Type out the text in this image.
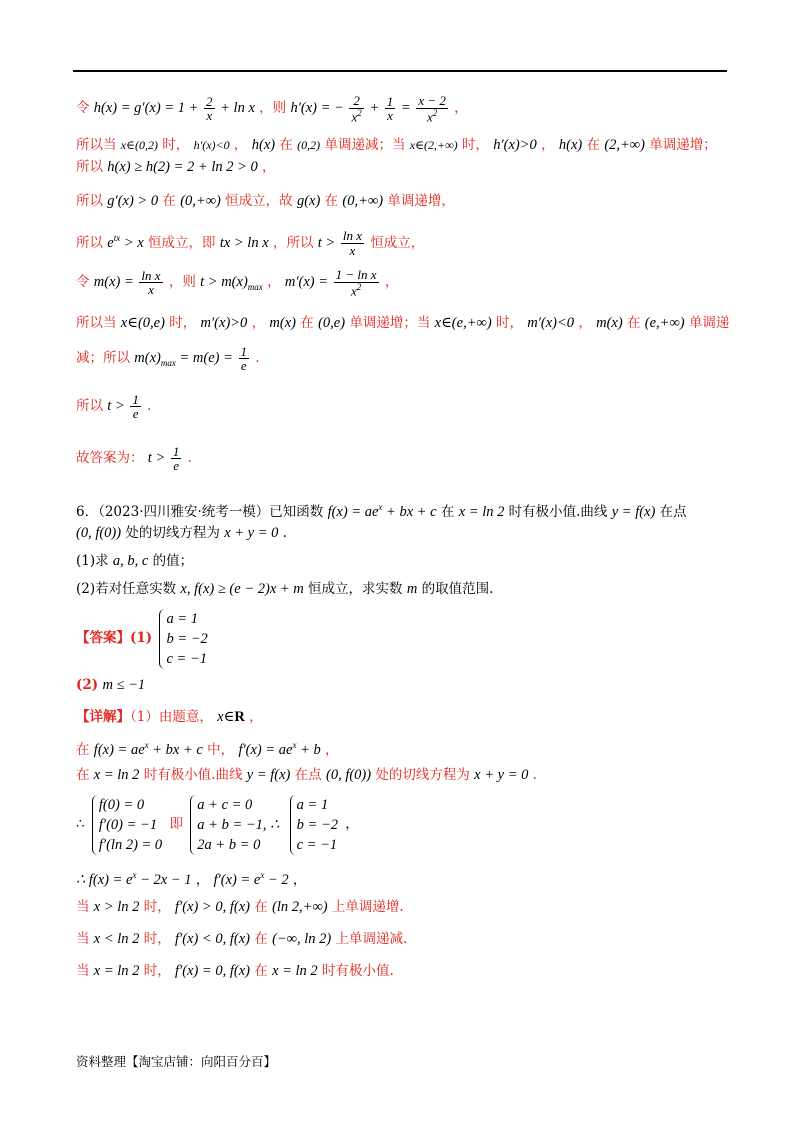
令 $h(x) = g'(x) = 1 + \frac{2}{x} + \ln x$ ，则 h′(x) = − $\frac{2}{x^2} + \frac{1}{x} = \frac{x - 2}{x^2}$ ，
所以当 x∈(0,2) 时， h′(x)<0 ， h(x) 在 (0,2) 单调递减；当 x∈(2,+∞) 时， h′(x)>0 ， h(x) 在 (2,+∞) 单调递增；
所以 h(x) ≥ h(2) = 2 + ln 2 > 0 ，
所以 g′(x) > 0 在 (0,+∞) 恒成立，故 g(x) 在 (0,+∞) 单调递增，
所以 $e^{tx} > x$ 恒成立，即 tx > ln x ，所以 $t > \frac{\text{ln x}}{x}$ 恒成立，
令 $m(x) = \frac{\text{ln x}}{x}$ ，则 $t > m(x)_{max}$ ， $m'(x) = \frac{\text{1 − ln x}}{x^2}$ ，
所以当 x∈(0,e) 时， m′(x)>0 ， m(x) 在 (0,e) 单调递增；当 x∈(e,+∞) 时， m′(x)<0 ， m(x) 在 (e,+∞) 单调递
减；所以 $m(x)_{max} = m(e) = \frac{1}{e}$ .
所以 $t > \frac{1}{e}$ .
故答案为： $t > \frac{1}{e}$ .
6．（2023·四川雅安·统考一模）已知函数 $f(x) = ae^x$ + bx + c 在 x = ln 2 时有极小值.曲线 y = f(x) 在点
(0, f(0)) 处的切线方程为 x + y = 0 .
(1)求 a, b, c 的值；
(2)若对任意实数 x, f(x) ≥ (e − 2)x + m 恒成立，求实数 m 的取值范围.
【答案】(1)
a = 1
b = −2
c = −1
(2) m ≤ −1
【详解】（1）由题意， x∈R ，
在 $f(x) = ae^x$ + bx + c 中， $f'(x) = ae^x + b$ ，
在 x = ln 2 时有极小值.曲线 y = f(x) 在点 (0, f(0)) 处的切线方程为 x + y = 0 .
∴
f(0) = 0
f′(0) = −1
f′(ln 2) = 0
即
a + c = 0
a + b = −1, ∴
2a + b = 0

a = 1
b = −2
c = −1
，
∴ $f(x) = e^x - 2x - 1$ ， $f'(x) = e^x - 2$ ，
当 x > ln 2 时， f′(x) > 0, f(x) 在 (ln 2,+∞) 上单调递增.
当 x < ln 2 时， f′(x) < 0, f(x) 在 (−∞, ln 2) 上单调递减.
当 x = ln 2 时， f′(x) = 0, f(x) 在 x = ln 2 时有极小值.
资料整理【淘宝店铺：向阳百分百】
